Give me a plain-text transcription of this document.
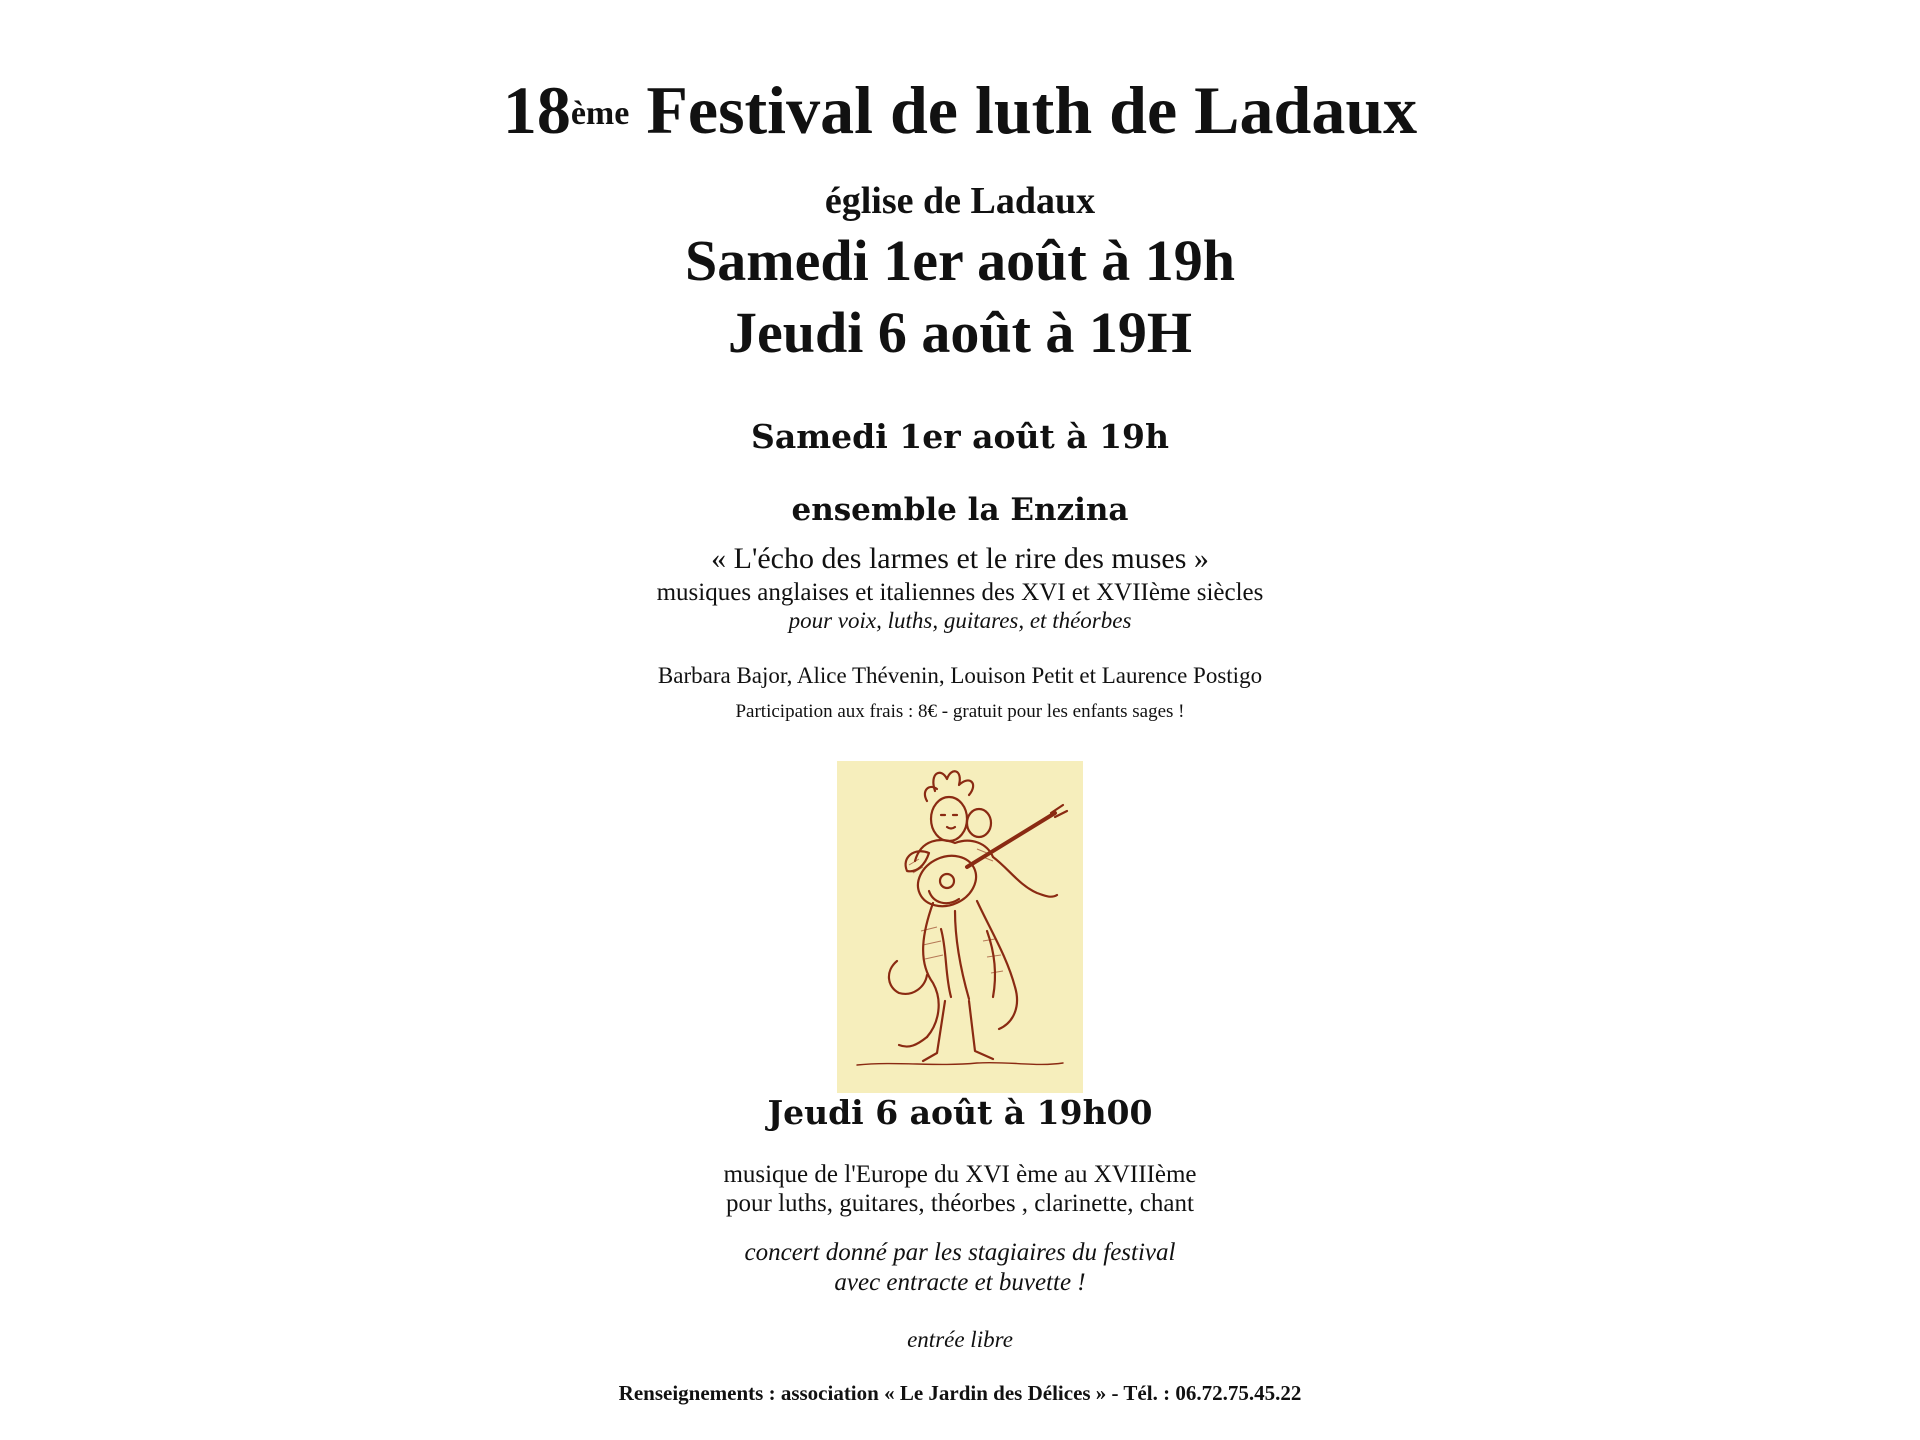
18ème Festival de luth de Ladaux
église de Ladaux
Samedi 1er août à 19h
Jeudi 6 août à 19H
Samedi 1er août à 19h
ensemble la Enzina
« L'écho des larmes et le rire des muses »
musiques anglaises et italiennes des XVI et XVIIème siècles
pour voix, luths, guitares, et théorbes
Barbara Bajor, Alice Thévenin, Louison Petit et Laurence Postigo
Participation aux frais : 8€ - gratuit pour les enfants sages !
Jeudi 6 août à 19h00
musique de l'Europe du XVI ème au XVIIIème
pour luths, guitares, théorbes , clarinette, chant
concert donné par les stagiaires du festival
avec entracte et buvette !
entrée libre
Renseignements : association « Le Jardin des Délices » - Tél. : 06.72.75.45.22
